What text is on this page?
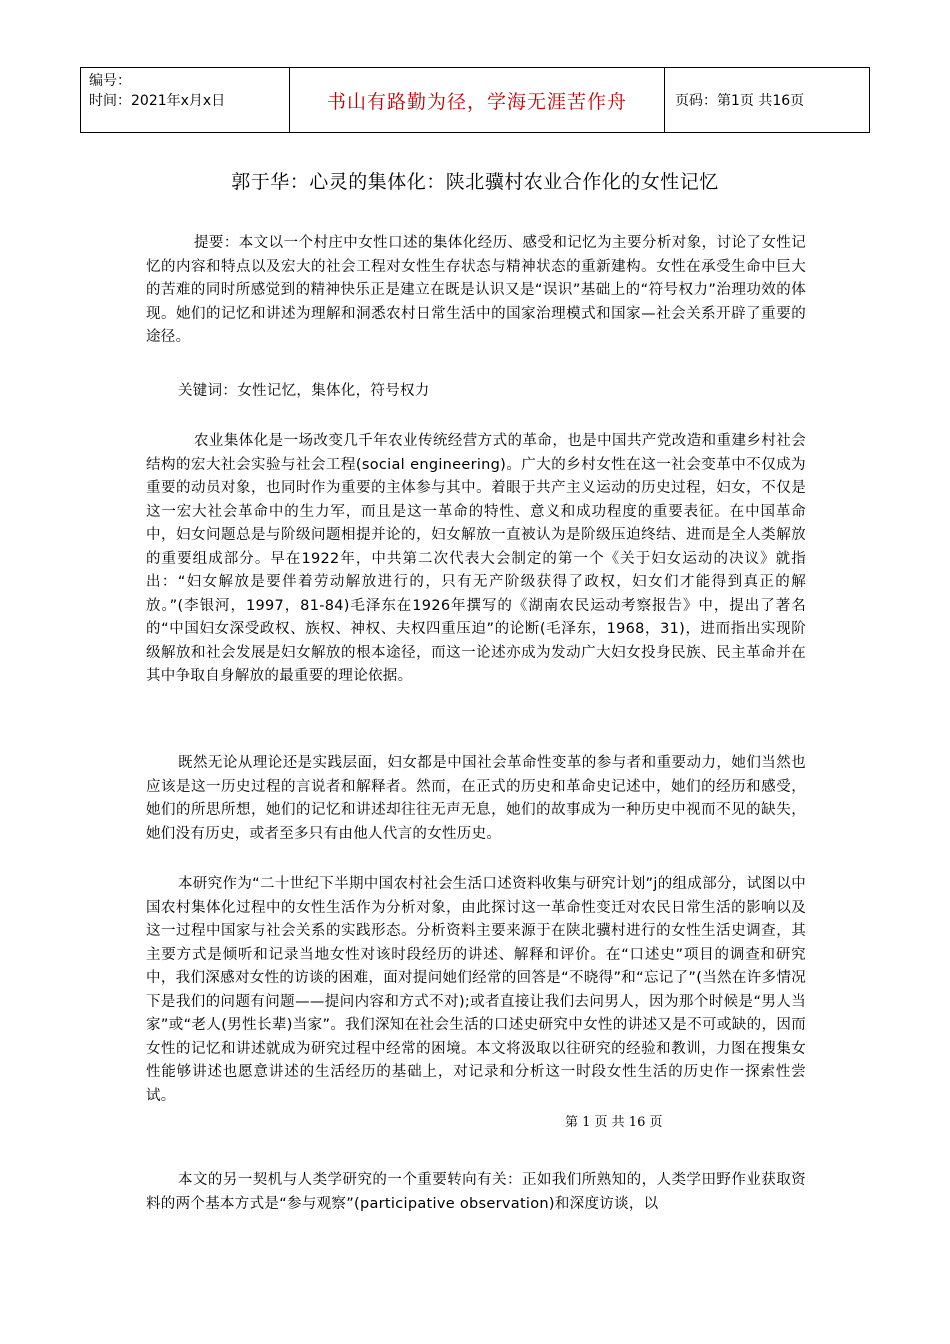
编号：
时间：2021年x月x日	书山有路勤为径，学海无涯苦作舟	页码：第1页 共16页
郭于华：心灵的集体化：陕北骥村农业合作化的女性记忆

提要：本文以一个村庄中女性口述的集体化经历、感受和记忆为主要分析对象，讨论了女性记忆的内容和特点以及宏大的社会工程对女性生存状态与精神状态的重新建构。女性在承受生命中巨大的苦难的同时所感觉到的精神快乐正是建立在既是认识又是“误识”基础上的“符号权力”治理功效的体现。她们的记忆和讲述为理解和洞悉农村日常生活中的国家治理模式和国家—社会关系开辟了重要的途径。

关键词：女性记忆，集体化，符号权力

农业集体化是一场改变几千年农业传统经营方式的革命，也是中国共产党改造和重建乡村社会结构的宏大社会实验与社会工程(social engineering)。广大的乡村女性在这一社会变革中不仅成为重要的动员对象，也同时作为重要的主体参与其中。着眼于共产主义运动的历史过程，妇女，不仅是这一宏大社会革命中的生力军，而且是这一革命的特性、意义和成功程度的重要表征。在中国革命中，妇女问题总是与阶级问题相提并论的，妇女解放一直被认为是阶级压迫终结、进而是全人类解放的重要组成部分。早在1922年，中共第二次代表大会制定的第一个《关于妇女运动的决议》就指出：“妇女解放是要伴着劳动解放进行的，只有无产阶级获得了政权，妇女们才能得到真正的解放。”(李银河，1997，81-84)毛泽东在1926年撰写的《湖南农民运动考察报告》中，提出了著名的“中国妇女深受政权、族权、神权、夫权四重压迫”的论断(毛泽东，1968，31)，进而指出实现阶级解放和社会发展是妇女解放的根本途径，而这一论述亦成为发动广大妇女投身民族、民主革命并在其中争取自身解放的最重要的理论依据。

既然无论从理论还是实践层面，妇女都是中国社会革命性变革的参与者和重要动力，她们当然也应该是这一历史过程的言说者和解释者。然而，在正式的历史和革命史记述中，她们的经历和感受，她们的所思所想，她们的记忆和讲述却往往无声无息，她们的故事成为一种历史中视而不见的缺失，她们没有历史，或者至多只有由他人代言的女性历史。

本研究作为“二十世纪下半期中国农村社会生活口述资料收集与研究计划”j的组成部分，试图以中国农村集体化过程中的女性生活作为分析对象，由此探讨这一革命性变迁对农民日常生活的影响以及这一过程中国家与社会关系的实践形态。分析资料主要来源于在陕北骥村进行的女性生活史调查，其主要方式是倾听和记录当地女性对该时段经历的讲述、解释和评价。在“口述史”项目的调查和研究中，我们深感对女性的访谈的困难，面对提问她们经常的回答是“不晓得”和“忘记了”(当然在许多情况下是我们的问题有问题——提问内容和方式不对);或者直接让我们去问男人，因为那个时候是“男人当家”或“老人(男性长辈)当家”。我们深知在社会生活的口述史研究中女性的讲述又是不可或缺的，因而女性的记忆和讲述就成为研究过程中经常的困境。本文将汲取以往研究的经验和教训，力图在搜集女性能够讲述也愿意讲述的生活经历的基础上，对记录和分析这一时段女性生活的历史作一探索性尝试。

本文的另一契机与人类学研究的一个重要转向有关：正如我们所熟知的，人类学田野作业获取资料的两个基本方式是“参与观察”(participative observation)和深度访谈，以

第 1 页 共 16 页
